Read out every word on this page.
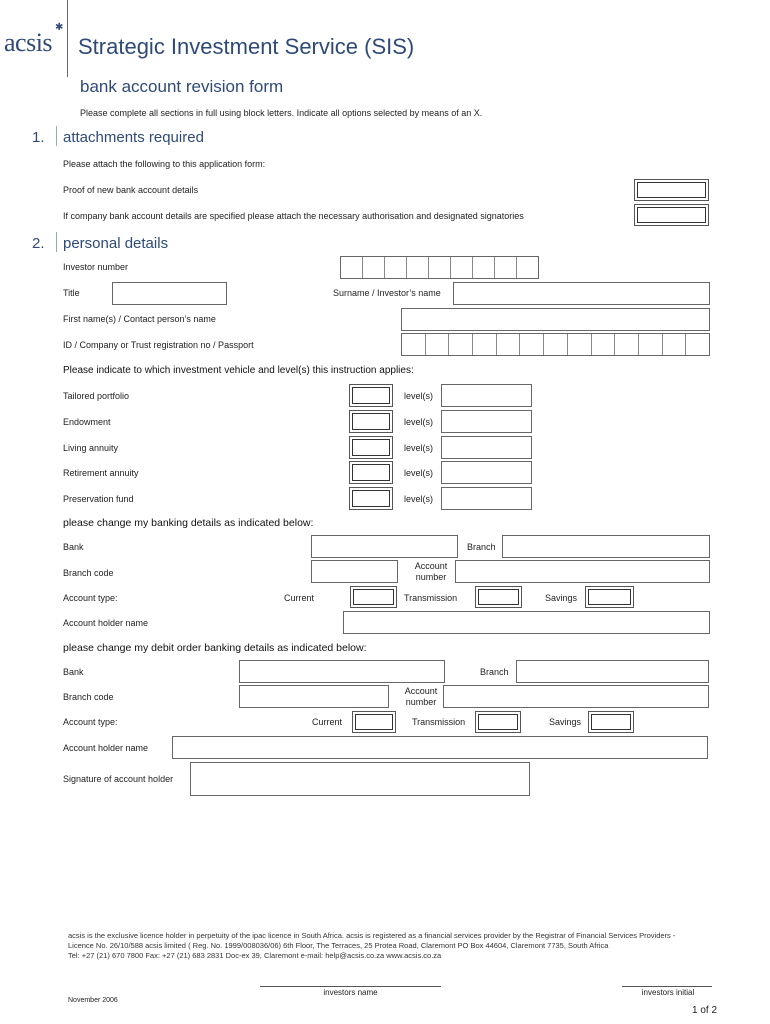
acsis
✱
Strategic Investment Service (SIS)
bank account revision form
Please complete all sections in full using block letters. Indicate all options selected by means of an X.
1. attachments required
Please attach the following to this application form:
Proof of new bank account details
If company bank account details are specified please attach the necessary authorisation and designated signatories
2. personal details
Investor number
Title	Surname / Investor’s name
First name(s) / Contact person’s name
ID / Company or Trust registration no / Passport
Please indicate to which investment vehicle and level(s) this instruction applies:
Tailored portfolio	level(s)
Endowment	level(s)
Living annuity	level(s)
Retirement annuity	level(s)
Preservation fund	level(s)
please change my banking details as indicated below:
Bank	Branch
Branch code
Account
number
Account type:	Current	Transmission	Savings
Account holder name
please change my debit order banking details as indicated below:
Bank	Branch
Branch code
Account
number
Account type:	Current	Transmission	Savings
Account holder name
Signature of account holder
acsis is the exclusive licence holder in perpetuity of the ipac licence in South Africa. acsis is registered as a financial services provider by the Registrar of Financial Services Providers -
Licence No. 26/10/588 acsis limited ( Reg. No. 1999/008036/06) 6th Floor, The Terraces, 25 Protea Road, Claremont PO Box 44604, Claremont 7735, South Africa
Tel: +27 (21) 670 7800 Fax: +27 (21) 683 2831 Doc-ex 39, Claremont e-mail: help@acsis.co.za www.acsis.co.za
investors name	investors initial
November 2006
1 of 2
